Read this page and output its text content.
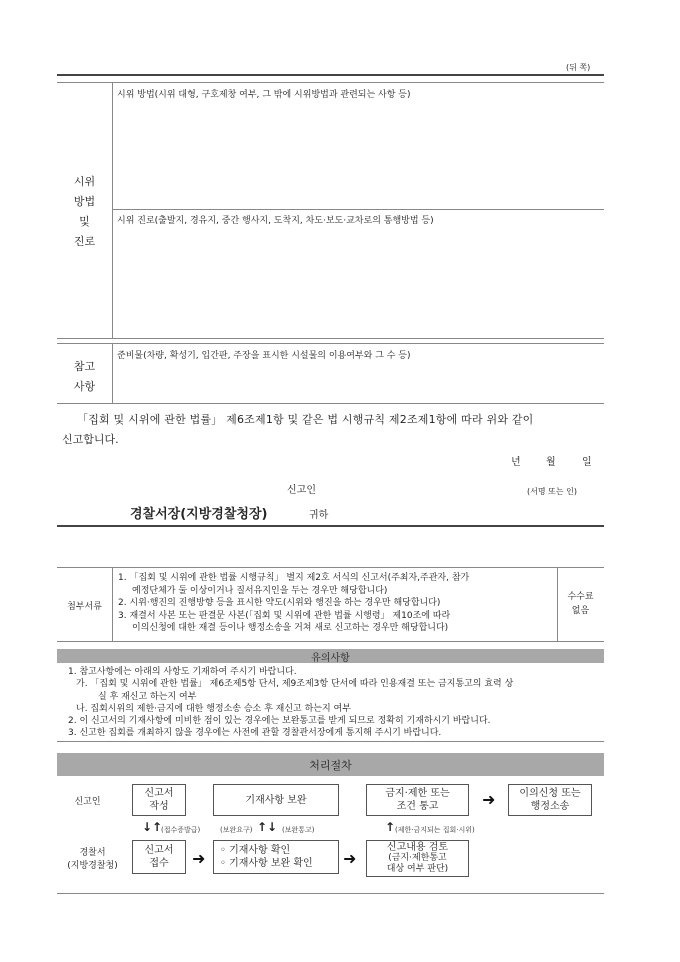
(뒤 쪽)
시위
방법
및
진로
시위 방법(시위 대형, 구호제창 여부, 그 밖에 시위방법과 관련되는 사항 등)
시위 진로(출발지, 경유지, 중간 행사지, 도착지, 차도·보도·교차로의 통행방법 등)
참고
사항
준비물(차량, 확성기, 입간판, 주장을 표시한 시설물의 이용여부와 그 수 등)
「집회 및 시위에 관한 법률」 제6조제1항 및 같은 법 시행규칙 제2조제1항에 따라 위와 같이
신고합니다.
년	월	일
신고인	(서명 또는 인)
경찰서장(지방경찰청장)	귀하
첨부서류
1. 「집회 및 시위에 관한 법률 시행규칙」 별지 제2호 서식의 신고서(주최자,주관자, 참가
예정단체가 둘 이상이거나 질서유지인을 두는 경우만 해당합니다)
2. 시위·행진의 진행방향 등을 표시한 약도(시위와 행진을 하는 경우만 해당합니다)
3. 재결서 사본 또는 판결문 사본(「집회 및 시위에 관한 법률 시행령」 제10조에 따라
이의신청에 대한 재결 등이나 행정소송을 거쳐 새로 신고하는 경우만 해당합니다)
수수료
없음
유의사항
1. 참고사항에는 아래의 사항도 기재하여 주시기 바랍니다.
가. 「집회 및 시위에 관한 법률」 제6조제5항 단서, 제9조제3항 단서에 따라 인용재결 또는 금지통고의 효력 상
실 후 재신고 하는지 여부
나. 집회시위의 제한·금지에 대한 행정소송 승소 후 재신고 하는지 여부
2. 이 신고서의 기재사항에 미비한 점이 있는 경우에는 보완통고를 받게 되므로 정확히 기재하시기 바랍니다.
3. 신고한 집회를 개최하지 않을 경우에는 사전에 관할 경찰관서장에게 통지해 주시기 바랍니다.
처리절차
신고인
경찰서
(지방경찰청)
신고서
작성
기재사항 보완
금지·제한 또는
조건 통고	➜ 이의신청 또는
행정소송
↓↑
(접수증발급)	(보완요구) ↑↓ (보완통고)	↑ (제한·금지되는 집회·시위)
신고서
접수	➜ ◦ 기재사항 확인
◦ 기재사항 보완 확인 ➜
신고내용 검토
(금지·제한통고
대상 여부 판단)
